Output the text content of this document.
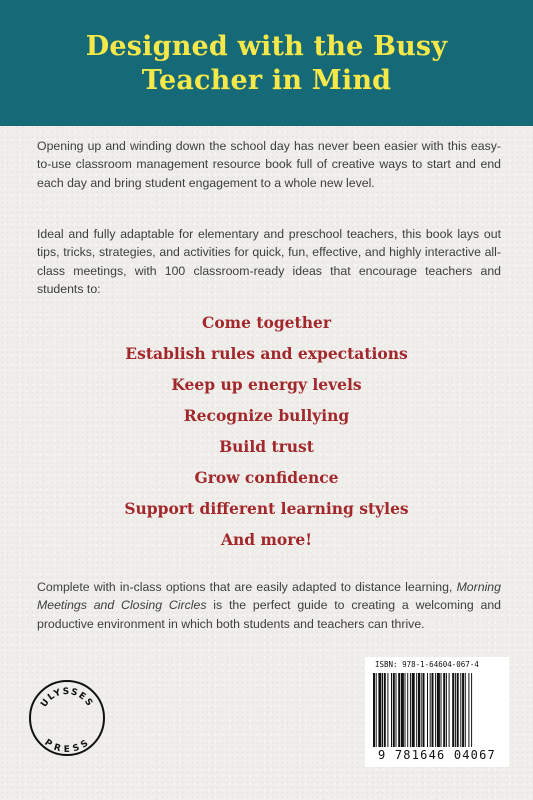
Designed with the Busy
Teacher in Mind

Opening up and winding down the school day has never been easier with this easy-to-use classroom management resource book full of creative ways to start and end each day and bring student engagement to a whole new level.

Ideal and fully adaptable for elementary and preschool teachers, this book lays out tips, tricks, strategies, and activities for quick, fun, effective, and highly interactive all-class meetings, with 100 classroom-ready ideas that encourage teachers and students to:

Come together
Establish rules and expectations
Keep up energy levels
Recognize bullying
Build trust
Grow confidence
Support different learning styles
And more!

Complete with in-class options that are easily adapted to distance learning, Morning Meetings and Closing Circles is the perfect guide to creating a welcoming and productive environment in which both students and teachers can thrive.

ULYSSES
PRESS
ISBN: 978-1-64604-067-4
9 781646 04067
